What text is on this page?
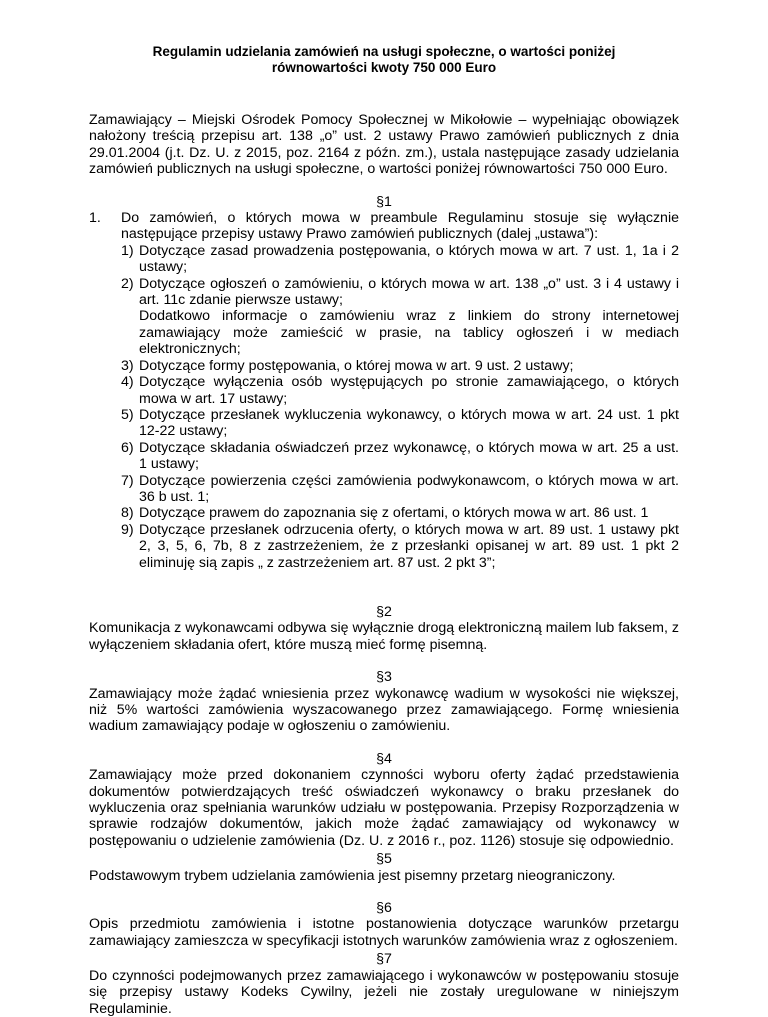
Regulamin udzielania zamówień na usługi społeczne, o wartości poniżej
równowartości kwoty 750 000 Euro
Zamawiający – Miejski Ośrodek Pomocy Społecznej w Mikołowie – wypełniając obowiązek nałożony treścią przepisu art. 138 „o” ust. 2 ustawy Prawo zamówień publicznych z dnia 29.01.2004 (j.t. Dz. U. z 2015, poz. 2164 z późn. zm.), ustala następujące zasady udzielania zamówień publicznych na usługi społeczne, o wartości poniżej równowartości 750 000 Euro.
§1
1. Do zamówień, o których mowa w preambule Regulaminu stosuje się wyłącznie następujące przepisy ustawy Prawo zamówień publicznych (dalej „ustawa”):
1) Dotyczące zasad prowadzenia postępowania, o których mowa w art. 7 ust. 1, 1a i 2 ustawy;
2) Dotyczące ogłoszeń o zamówieniu, o których mowa w art. 138 „o” ust. 3 i 4 ustawy i art. 11c zdanie pierwsze ustawy;
Dodatkowo informacje o zamówieniu wraz z linkiem do strony internetowej zamawiający może zamieścić w prasie, na tablicy ogłoszeń i w mediach elektronicznych;
3) Dotyczące formy postępowania, o której mowa w art. 9 ust. 2 ustawy;
4) Dotyczące wyłączenia osób występujących po stronie zamawiającego, o których mowa w art. 17 ustawy;
5) Dotyczące przesłanek wykluczenia wykonawcy, o których mowa w art. 24 ust. 1 pkt 12-22 ustawy;
6) Dotyczące składania oświadczeń przez wykonawcę, o których mowa w art. 25 a ust. 1 ustawy;
7) Dotyczące powierzenia części zamówienia podwykonawcom, o których mowa w art. 36 b ust. 1;
8) Dotyczące prawem do zapoznania się z ofertami, o których mowa w art. 86 ust. 1
9) Dotyczące przesłanek odrzucenia oferty, o których mowa w art. 89 ust. 1 ustawy pkt 2, 3, 5, 6, 7b, 8 z zastrzeżeniem, że z przesłanki opisanej w art. 89 ust. 1 pkt 2 eliminuję sią zapis „ z zastrzeżeniem art. 87 ust. 2 pkt 3”;
§2
Komunikacja z wykonawcami odbywa się wyłącznie drogą elektroniczną mailem lub faksem, z wyłączeniem składania ofert, które muszą mieć formę pisemną.
§3
Zamawiający może żądać wniesienia przez wykonawcę wadium w wysokości nie większej, niż 5% wartości zamówienia wyszacowanego przez zamawiającego. Formę wniesienia wadium zamawiający podaje w ogłoszeniu o zamówieniu.
§4
Zamawiający może przed dokonaniem czynności wyboru oferty żądać przedstawienia dokumentów potwierdzających treść oświadczeń wykonawcy o braku przesłanek do wykluczenia oraz spełniania warunków udziału w postępowania. Przepisy Rozporządzenia w sprawie rodzajów dokumentów, jakich może żądać zamawiający od wykonawcy w postępowaniu o udzielenie zamówienia (Dz. U. z 2016 r., poz. 1126) stosuje się odpowiednio.
§5
Podstawowym trybem udzielania zamówienia jest pisemny przetarg nieograniczony.
§6
Opis przedmiotu zamówienia i istotne postanowienia dotyczące warunków przetargu zamawiający zamieszcza w specyfikacji istotnych warunków zamówienia wraz z ogłoszeniem.
§7
Do czynności podejmowanych przez zamawiającego i wykonawców w postępowaniu stosuje się przepisy ustawy Kodeks Cywilny, jeżeli nie zostały uregulowane w niniejszym Regulaminie.
